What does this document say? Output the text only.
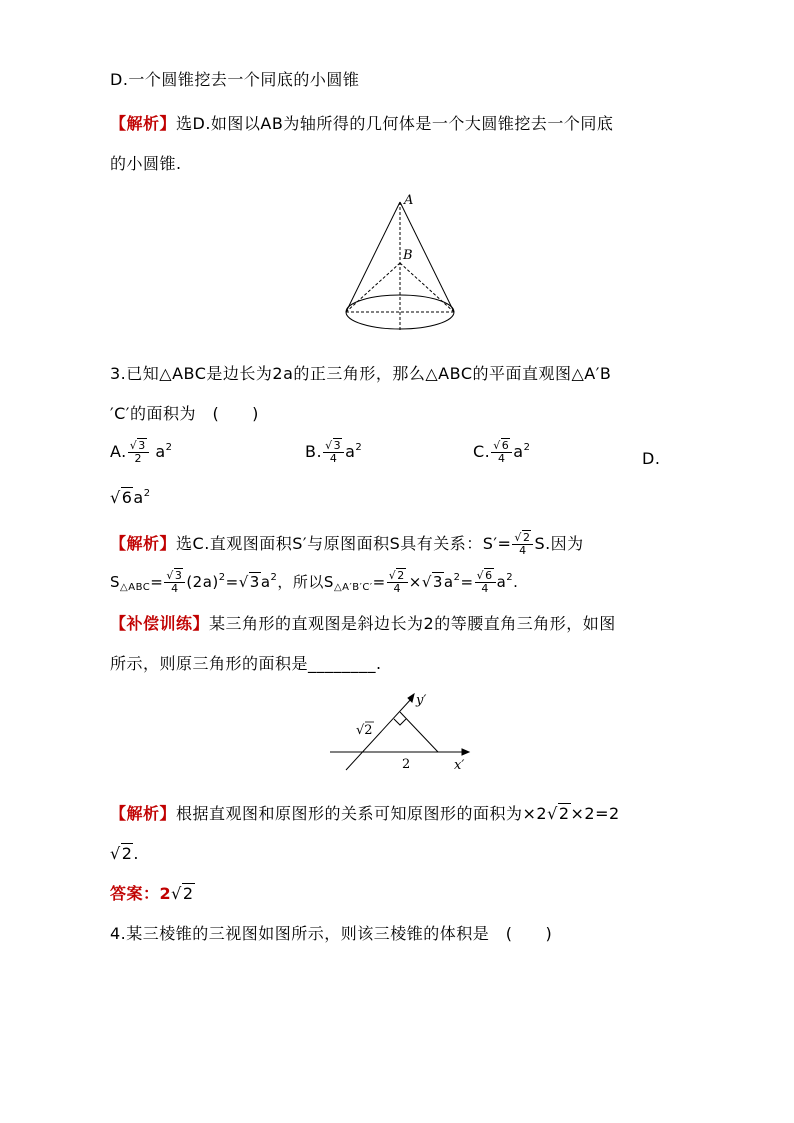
D.一个圆锥挖去一个同底的小圆锥
【解析】选D.如图以AB为轴所得的几何体是一个大圆锥挖去一个同底
的小圆锥.
A
B
3.已知△ABC是边长为2a的正三角形，那么△ABC的平面直观图△A′B
′C′的面积为　(　　)
A. $\frac{√3}{2} a^2$	B. $\frac{√3}{4} a^2$	C. $\frac{√6}{4} a^2$
D.
$√6a^2$
【解析】选C.直观图面积S′与原图面积S具有关系：$S'= \frac{√2}{4} S$.因为
$S_{\triangle ABC}= \frac{√3}{4} (2a)^2=√3a^2$，所以$S_{\triangle A'B'C'}= \frac{√2}{4} \times√3a^2= \frac{√6}{4} a^2$.
【补偿训练】某三角形的直观图是斜边长为2的等腰直角三角形，如图
所示，则原三角形的面积是________.
y′
x′
√2
2
【解析】根据直观图和原图形的关系可知原图形的面积为×2√2×2=2
√2.
答案：2√2
4.某三棱锥的三视图如图所示，则该三棱锥的体积是　(　　)
